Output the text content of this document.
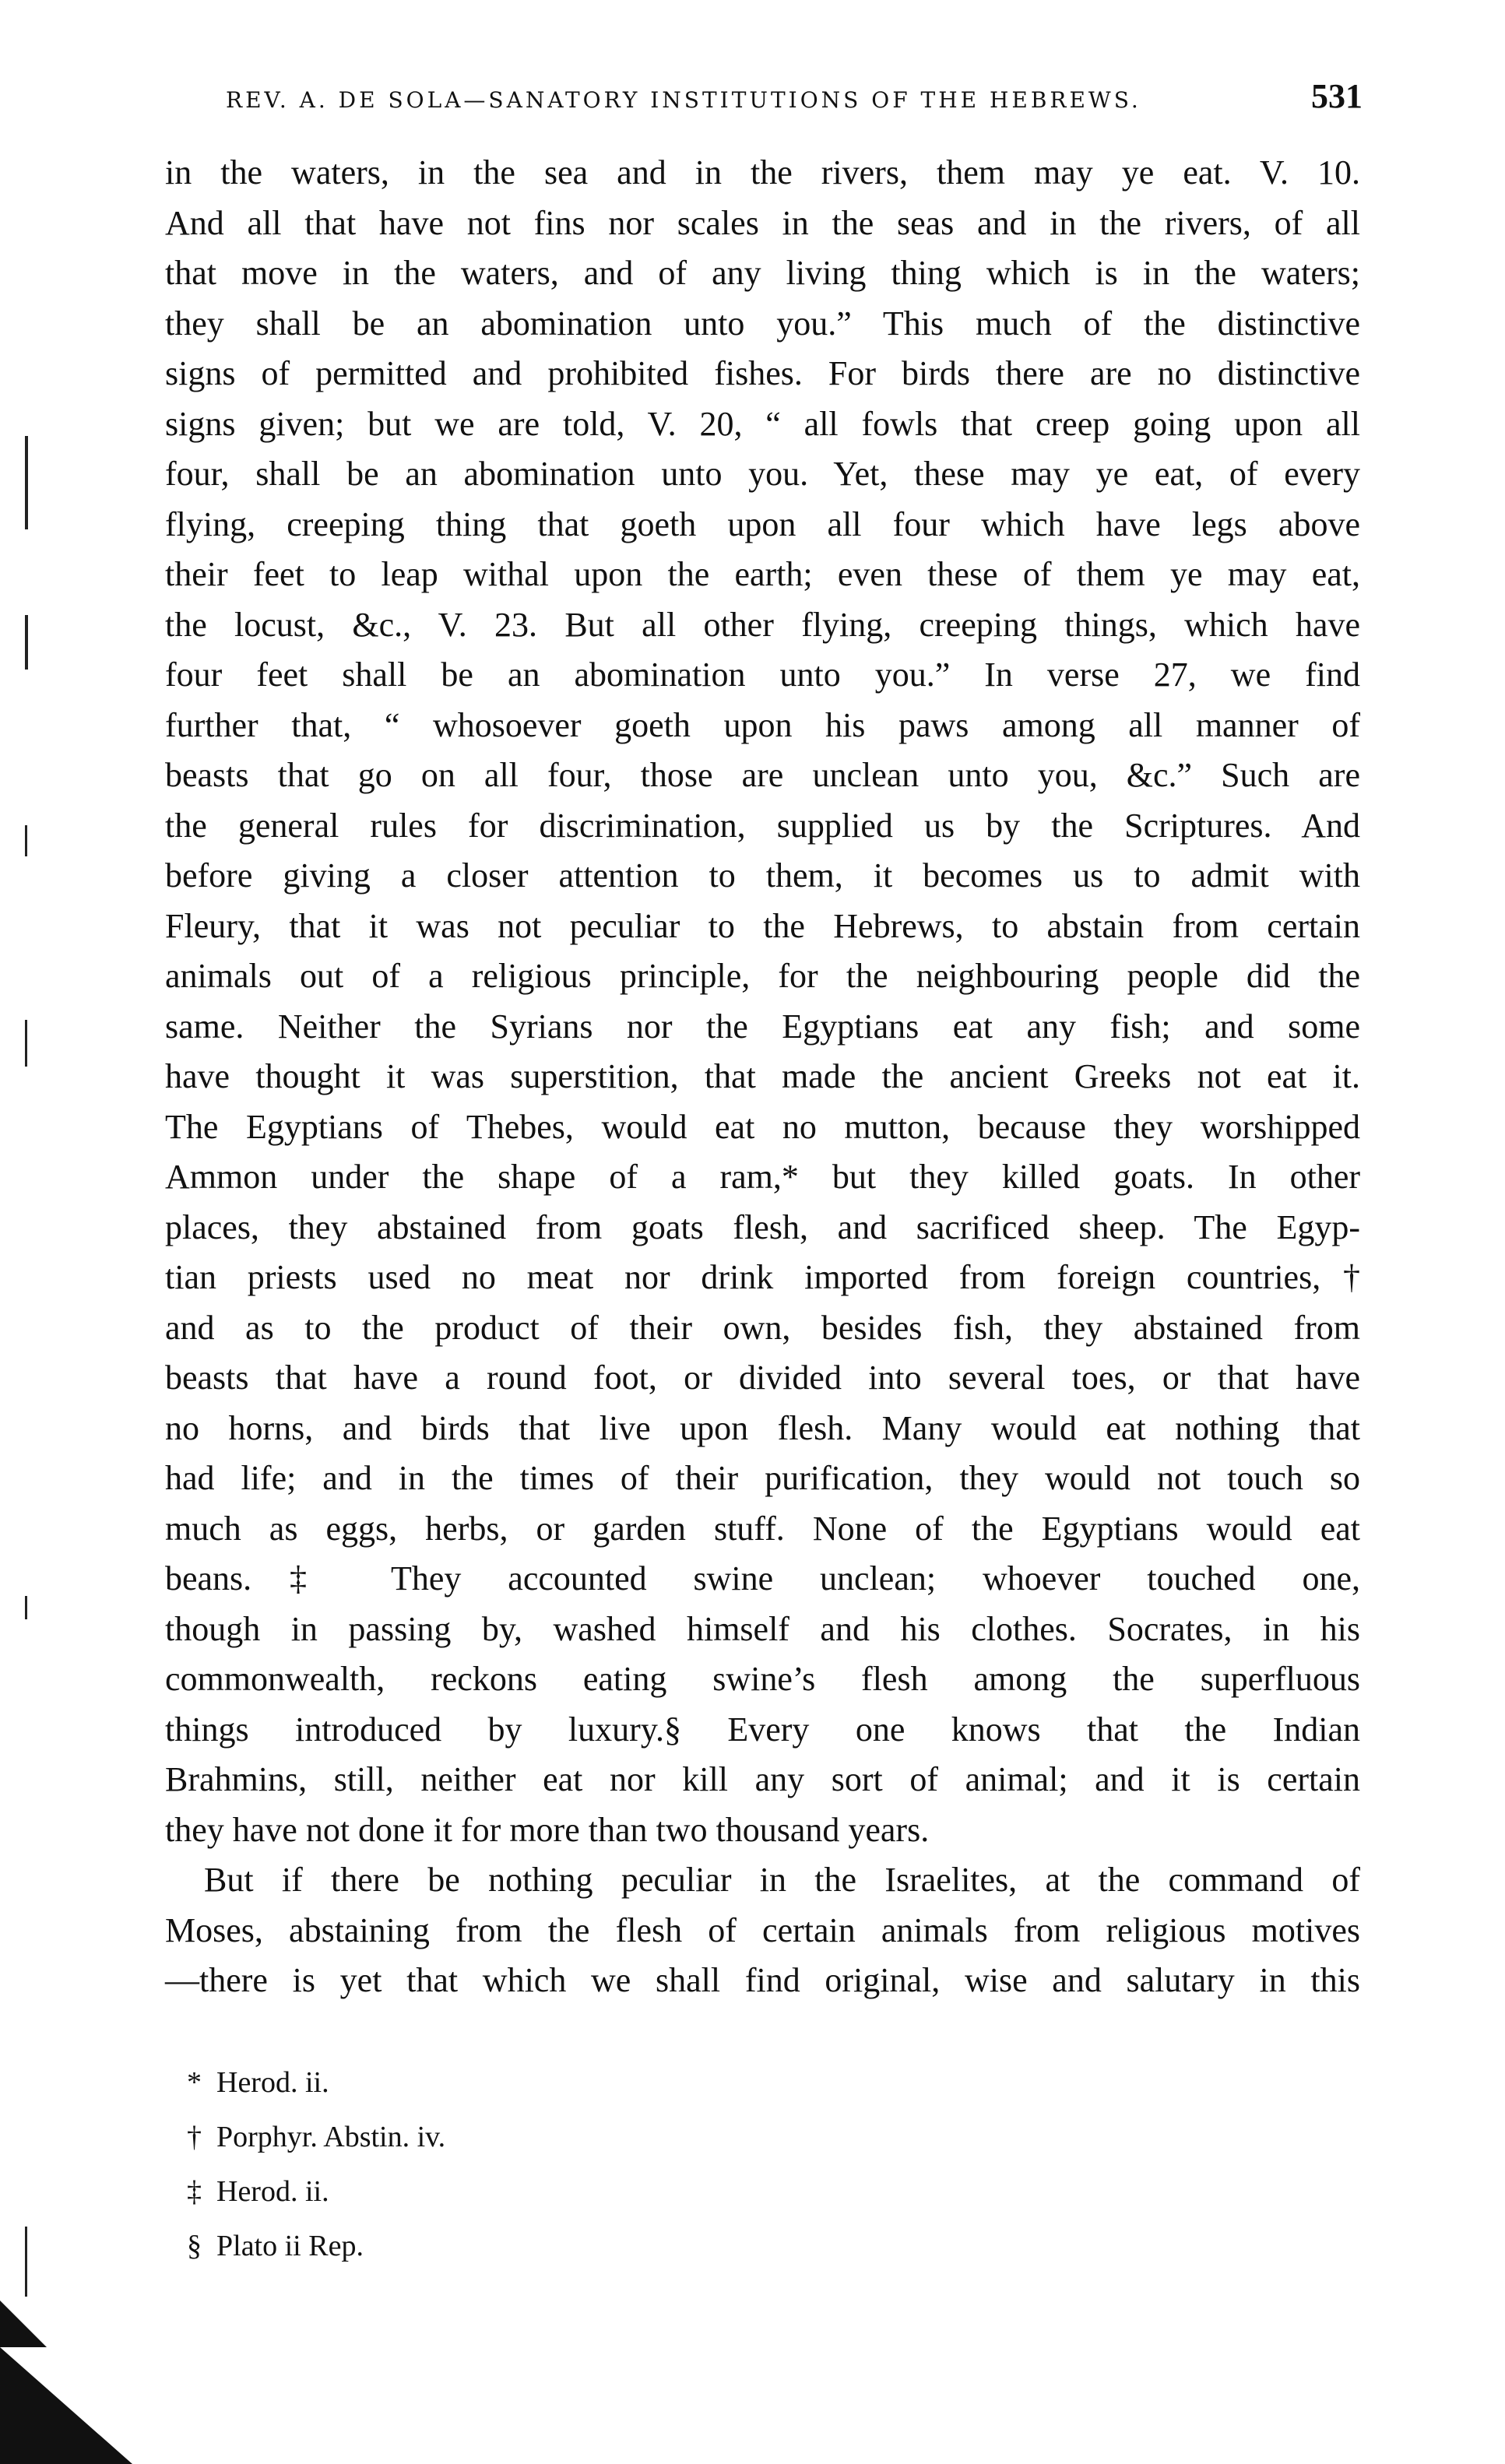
REV. A. DE SOLA—SANATORY INSTITUTIONS OF THE HEBREWS.	531
in the waters, in the sea and in the rivers, them may ye eat. V. 10.
And all that have not fins nor scales in the seas and in the rivers, of all
that move in the waters, and of any living thing which is in the waters;
they shall be an abomination unto you.” This much of the distinctive
signs of permitted and prohibited fishes. For birds there are no distinctive
signs given; but we are told, V. 20, “ all fowls that creep going upon all
four, shall be an abomination unto you. Yet, these may ye eat, of every
flying, creeping thing that goeth upon all four which have legs above
their feet to leap withal upon the earth; even these of them ye may eat,
the locust, &c., V. 23. But all other flying, creeping things, which have
four feet shall be an abomination unto you.” In verse 27, we find
further that, “ whosoever goeth upon his paws among all manner of
beasts that go on all four, those are unclean unto you, &c.” Such are
the general rules for discrimination, supplied us by the Scriptures. And
before giving a closer attention to them, it becomes us to admit with
Fleury, that it was not peculiar to the Hebrews, to abstain from certain
animals out of a religious principle, for the neighbouring people did the
same. Neither the Syrians nor the Egyptians eat any fish; and some
have thought it was superstition, that made the ancient Greeks not eat it.
The Egyptians of Thebes, would eat no mutton, because they worshipped
Ammon under the shape of a ram,* but they killed goats. In other
places, they abstained from goats flesh, and sacrificed sheep. The Egyp-
tian priests used no meat nor drink imported from foreign countries,†
and as to the product of their own, besides fish, they abstained from
beasts that have a round foot, or divided into several toes, or that have
no horns, and birds that live upon flesh. Many would eat nothing that
had life; and in the times of their purification, they would not touch so
much as eggs, herbs, or garden stuff. None of the Egyptians would eat
beans.‡ They accounted swine unclean; whoever touched one,
though in passing by, washed himself and his clothes. Socrates, in his
commonwealth, reckons eating swine’s flesh among the superfluous
things introduced by luxury.§ Every one knows that the Indian
Brahmins, still, neither eat nor kill any sort of animal; and it is certain
they have not done it for more than two thousand years.
But if there be nothing peculiar in the Israelites, at the command of
Moses, abstaining from the flesh of certain animals from religious motives
—there is yet that which we shall find original, wise and salutary in this
* Herod. ii.
† Porphyr. Abstin. iv.
‡ Herod. ii.
§ Plato ii Rep.
